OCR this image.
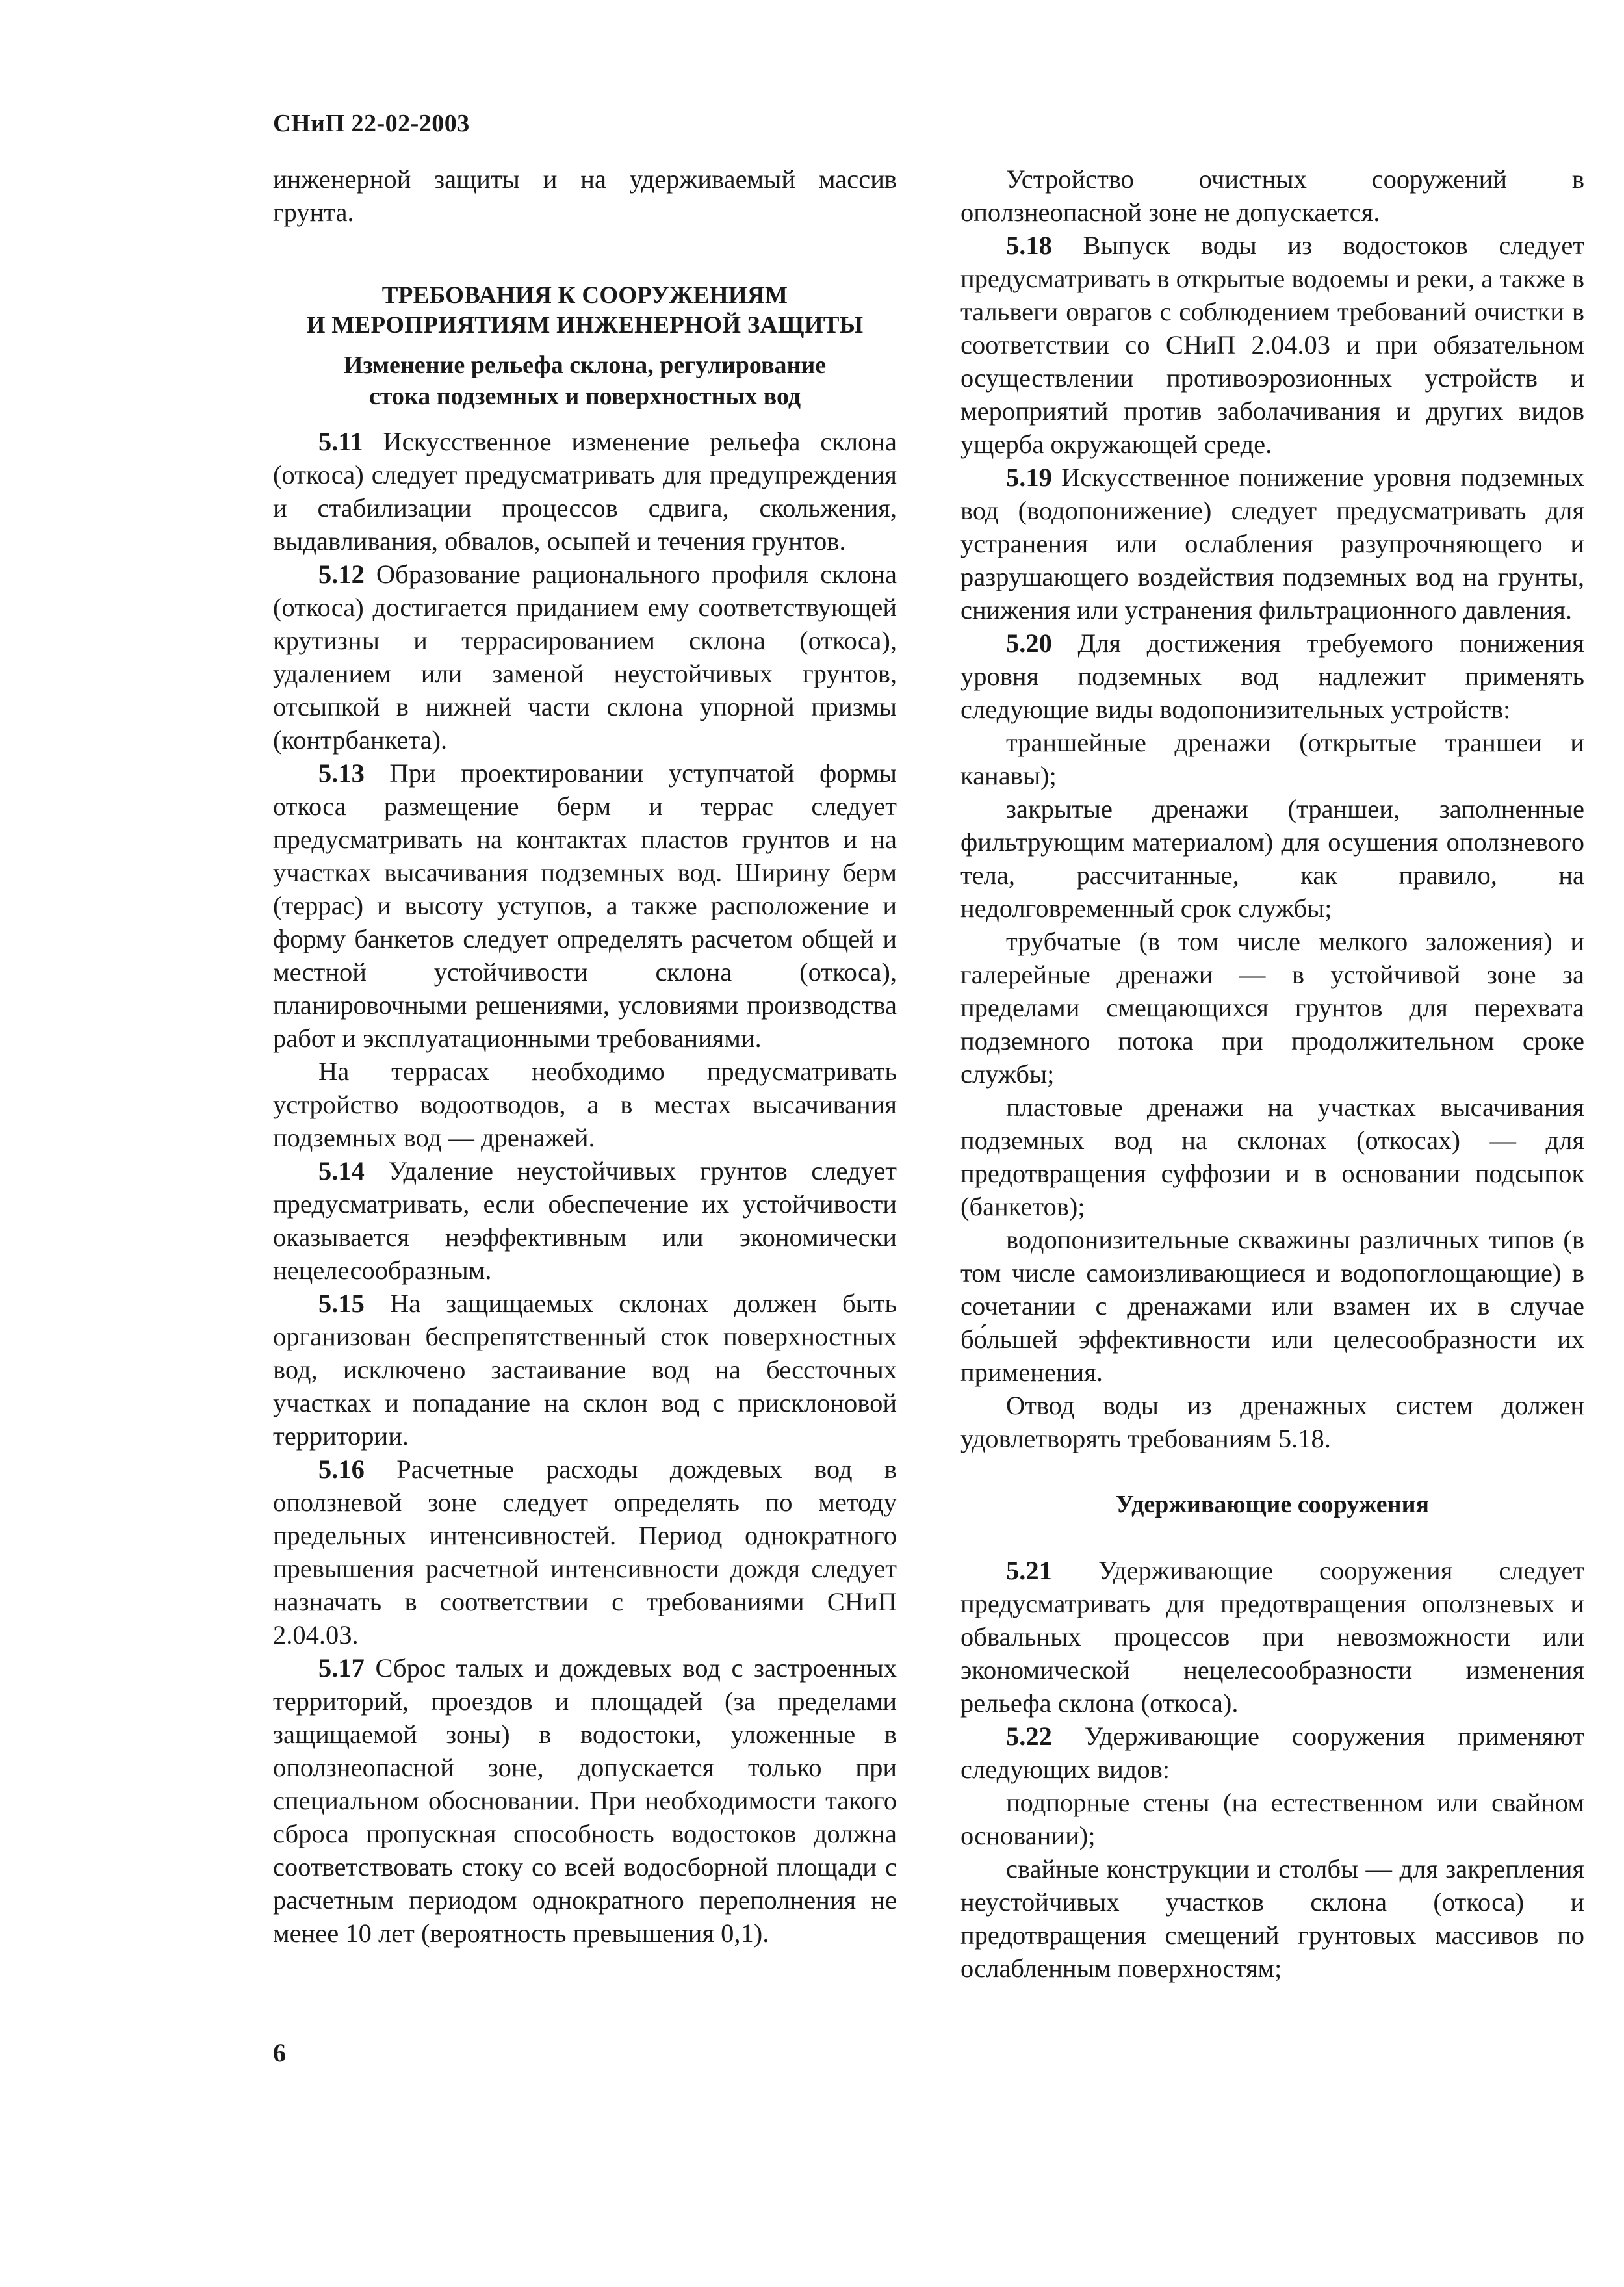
СНиП 22-02-2003

инженерной защиты и на удерживаемый массив грунта.

ТРЕБОВАНИЯ К СООРУЖЕНИЯМ
И МЕРОПРИЯТИЯМ ИНЖЕНЕРНОЙ ЗАЩИТЫ
Изменение рельефа склона, регулирование
стока подземных и поверхностных вод

5.11 Искусственное изменение рельефа склона (откоса) следует предусматривать для предупреждения и стабилизации процессов сдвига, скольжения, выдавливания, обвалов, осыпей и течения грунтов.

5.12 Образование рационального профиля склона (откоса) достигается приданием ему соответствующей крутизны и террасированием склона (откоса), удалением или заменой неустойчивых грунтов, отсыпкой в нижней части склона упорной призмы (контрбанкета).

5.13 При проектировании уступчатой формы откоса размещение берм и террас следует предусматривать на контактах пластов грунтов и на участках высачивания подземных вод. Ширину берм (террас) и высоту уступов, а также расположение и форму банкетов следует определять расчетом общей и местной устойчивости склона (откоса), планировочными решениями, условиями производства работ и эксплуатационными требованиями.

На террасах необходимо предусматривать устройство водоотводов, а в местах высачивания подземных вод — дренажей.

5.14 Удаление неустойчивых грунтов следует предусматривать, если обеспечение их устойчивости оказывается неэффективным или экономически нецелесообразным.

5.15 На защищаемых склонах должен быть организован беспрепятственный сток поверхностных вод, исключено застаивание вод на бессточных участках и попадание на склон вод с присклоновой территории.

5.16 Расчетные расходы дождевых вод в оползневой зоне следует определять по методу предельных интенсивностей. Период однократного превышения расчетной интенсивности дождя следует назначать в соответствии с требованиями СНиП 2.04.03.

5.17 Сброс талых и дождевых вод с застроенных территорий, проездов и площадей (за пределами защищаемой зоны) в водостоки, уложенные в оползнеопасной зоне, допускается только при специальном обосновании. При необходимости такого сброса пропускная способность водостоков должна соответствовать стоку со всей водосборной площади с расчетным периодом однократного переполнения не менее 10 лет (вероятность превышения 0,1).

Устройство очистных сооружений в оползнеопасной зоне не допускается.

5.18 Выпуск воды из водостоков следует предусматривать в открытые водоемы и реки, а также в тальвеги оврагов с соблюдением требований очистки в соответствии со СНиП 2.04.03 и при обязательном осуществлении противоэрозионных устройств и мероприятий против заболачивания и других видов ущерба окружающей среде.

5.19 Искусственное понижение уровня подземных вод (водопонижение) следует предусматривать для устранения или ослабления разупрочняющего и разрушающего воздействия подземных вод на грунты, снижения или устранения фильтрационного давления.

5.20 Для достижения требуемого понижения уровня подземных вод надлежит применять следующие виды водопонизительных устройств:

траншейные дренажи (открытые траншеи и канавы);

закрытые дренажи (траншеи, заполненные фильтрующим материалом) для осушения оползневого тела, рассчитанные, как правило, на недолговременный срок службы;

трубчатые (в том числе мелкого заложения) и галерейные дренажи — в устойчивой зоне за пределами смещающихся грунтов для перехвата подземного потока при продолжительном сроке службы;

пластовые дренажи на участках высачивания подземных вод на склонах (откосах) — для предотвращения суффозии и в основании подсыпок (банкетов);

водопонизительные скважины различных типов (в том числе самоизливающиеся и водопоглощающие) в сочетании с дренажами или взамен их в случае бо́льшей эффективности или целесообразности их применения.

Отвод воды из дренажных систем должен удовлетворять требованиям 5.18.

Удерживающие сооружения

5.21 Удерживающие сооружения следует предусматривать для предотвращения оползневых и обвальных процессов при невозможности или экономической нецелесообразности изменения рельефа склона (откоса).

5.22 Удерживающие сооружения применяют следующих видов:

подпорные стены (на естественном или свайном основании);

свайные конструкции и столбы — для закрепления неустойчивых участков склона (откоса) и предотвращения смещений грунтовых массивов по ослабленным поверхностям;

6
